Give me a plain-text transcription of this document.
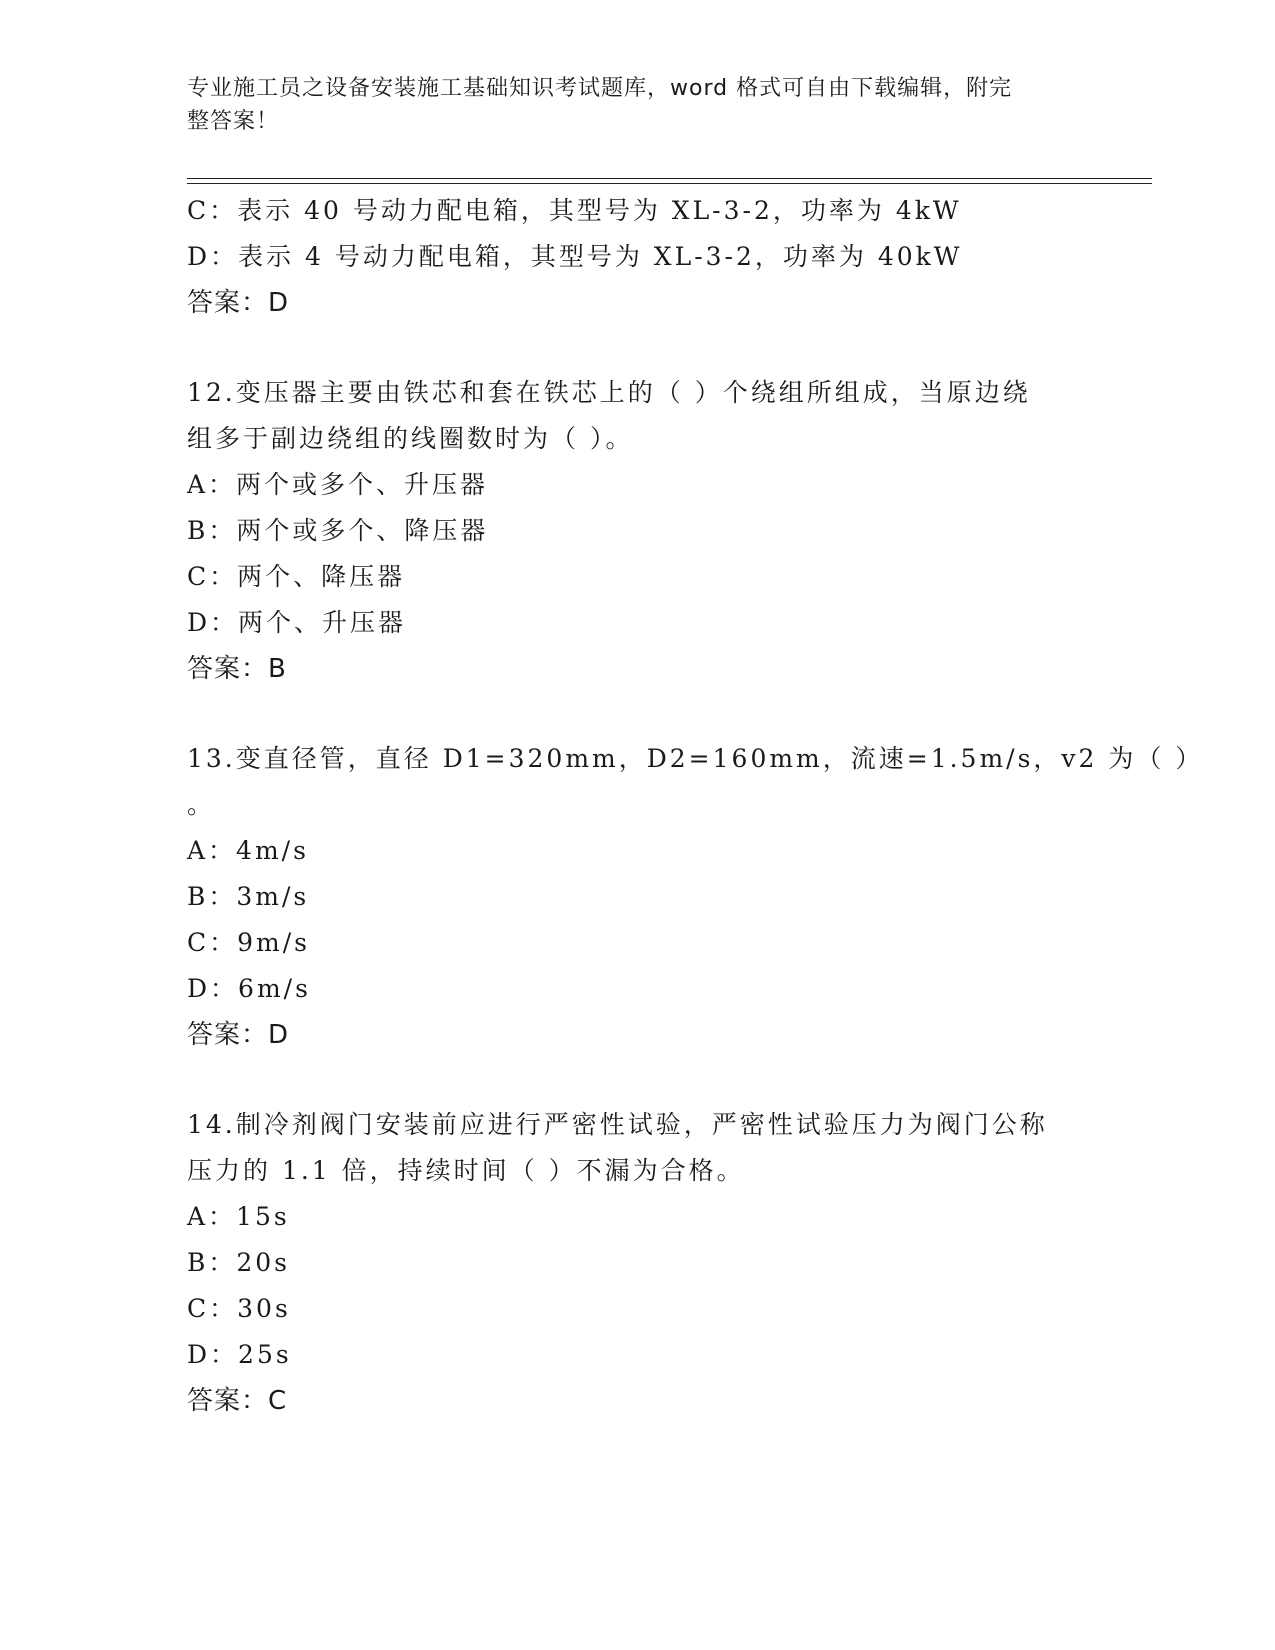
专业施工员之设备安装施工基础知识考试题库，word 格式可自由下载编辑，附完
整答案！
C：表示 40 号动力配电箱，其型号为 XL-3-2，功率为 4kW
D：表示 4 号动力配电箱，其型号为 XL-3-2，功率为 40kW
答案：D
12.变压器主要由铁芯和套在铁芯上的（ ）个绕组所组成，当原边绕
组多于副边绕组的线圈数时为（ ）。
A：两个或多个、升压器
B：两个或多个、降压器
C：两个、降压器
D：两个、升压器
答案：B
13.变直径管，直径 D1=320mm，D2=160mm，流速=1.5m/s，v2 为（ ）
。
A：4m/s
B：3m/s
C：9m/s
D：6m/s
答案：D
14.制冷剂阀门安装前应进行严密性试验，严密性试验压力为阀门公称
压力的 1.1 倍，持续时间（ ）不漏为合格。
A：15s
B：20s
C：30s
D：25s
答案：C
